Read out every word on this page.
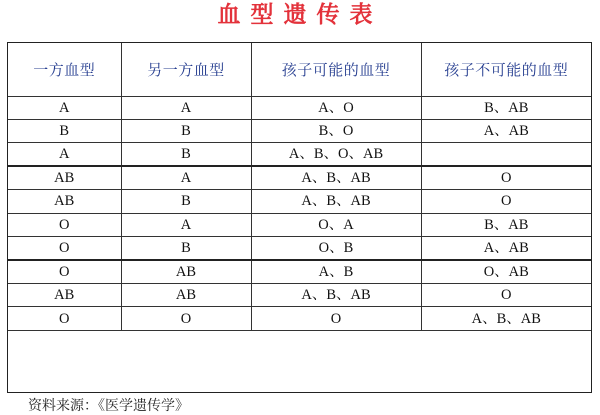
血型遗传表
一方血型	另一方血型	孩子可能的血型	孩子不可能的血型
A	A	A、O	B、AB
B	B	B、O	A、AB
A	B	A、B、O、AB	
AB	A	A、B、AB	O
AB	B	A、B、AB	O
O	A	O、A	B、AB
O	B	O、B	A、AB
O	AB	A、B	O、AB
AB	AB	A、B、AB	O
O	O	O	A、B、AB
资料来源：《医学遗传学》
